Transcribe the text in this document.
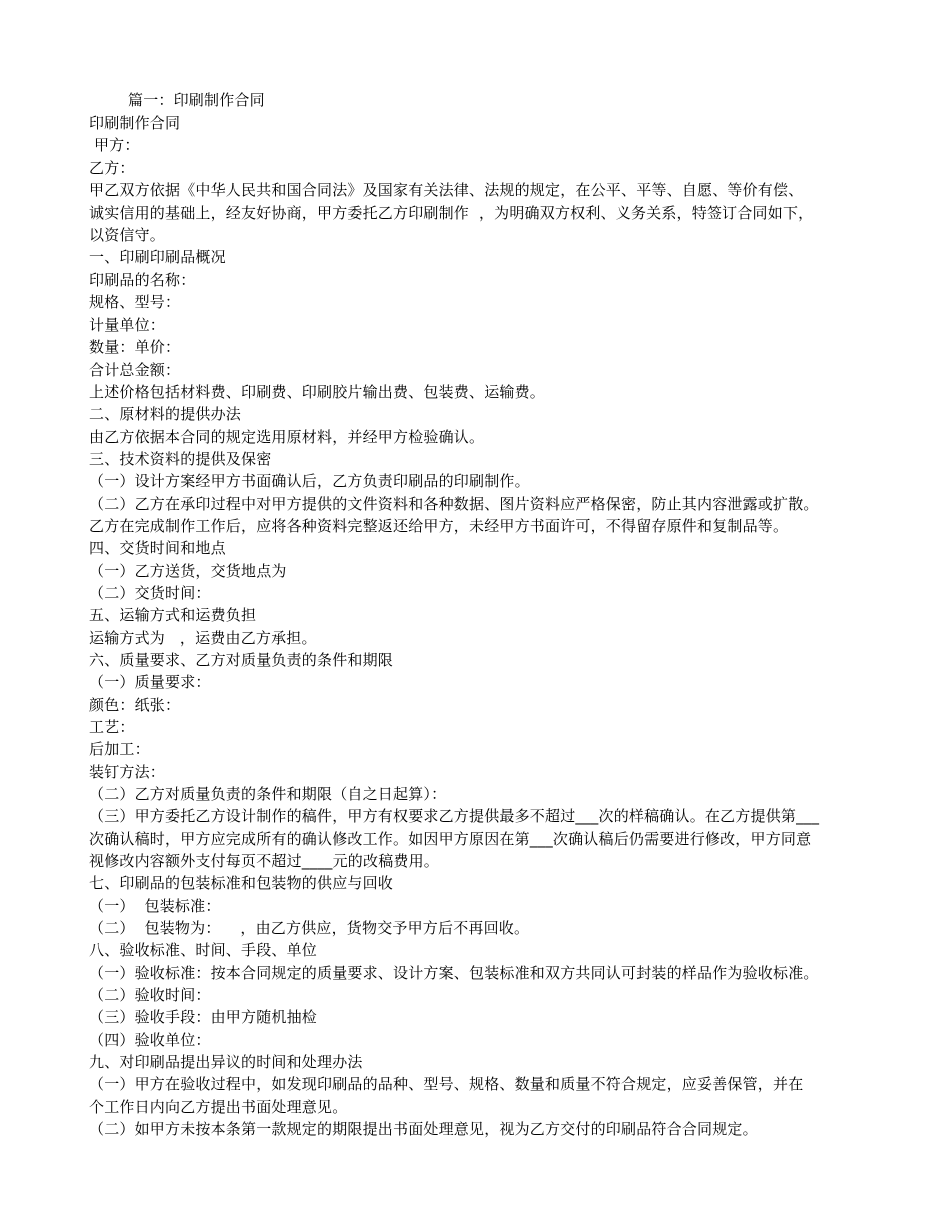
篇一：印刷制作合同
印刷制作合同
甲方：
乙方：
甲乙双方依据《中华人民共和国合同法》及国家有关法律、法规的规定，在公平、平等、自愿、等价有偿、
诚实信用的基础上，经友好协商，甲方委托乙方印刷制作  ，为明确双方权利、义务关系，特签订合同如下，
以资信守。
一、印刷印刷品概况
印刷品的名称：
规格、型号：
计量单位：
数量：单价：
合计总金额：
上述价格包括材料费、印刷费、印刷胶片输出费、包装费、运输费。
二、原材料的提供办法
由乙方依据本合同的规定选用原材料，并经甲方检验确认。
三、技术资料的提供及保密
（一）设计方案经甲方书面确认后，乙方负责印刷品的印刷制作。
（二）乙方在承印过程中对甲方提供的文件资料和各种数据、图片资料应严格保密，防止其内容泄露或扩散。
乙方在完成制作工作后，应将各种资料完整返还给甲方，未经甲方书面许可，不得留存原件和复制品等。
四、交货时间和地点
（一）乙方送货，交货地点为
（二）交货时间：
五、运输方式和运费负担
运输方式为   ，运费由乙方承担。
六、质量要求、乙方对质量负责的条件和期限
（一）质量要求：
颜色：纸张：
工艺：
后加工：
装钉方法：
（二）乙方对质量负责的条件和期限（自之日起算）：
（三）甲方委托乙方设计制作的稿件，甲方有权要求乙方提供最多不超过___次的样稿确认。在乙方提供第___
次确认稿时，甲方应完成所有的确认修改工作。如因甲方原因在第___次确认稿后仍需要进行修改，甲方同意
视修改内容额外支付每页不超过____元的改稿费用。
七、印刷品的包装标准和包装物的供应与回收
（一）  包装标准：
（二）  包装物为：    ，由乙方供应，货物交予甲方后不再回收。
八、验收标准、时间、手段、单位
（一）验收标准：按本合同规定的质量要求、设计方案、包装标准和双方共同认可封装的样品作为验收标准。
（二）验收时间：
（三）验收手段：由甲方随机抽检
（四）验收单位：
九、对印刷品提出异议的时间和处理办法
（一）甲方在验收过程中，如发现印刷品的品种、型号、规格、数量和质量不符合规定，应妥善保管，并在
个工作日内向乙方提出书面处理意见。
（二）如甲方未按本条第一款规定的期限提出书面处理意见，视为乙方交付的印刷品符合合同规定。
